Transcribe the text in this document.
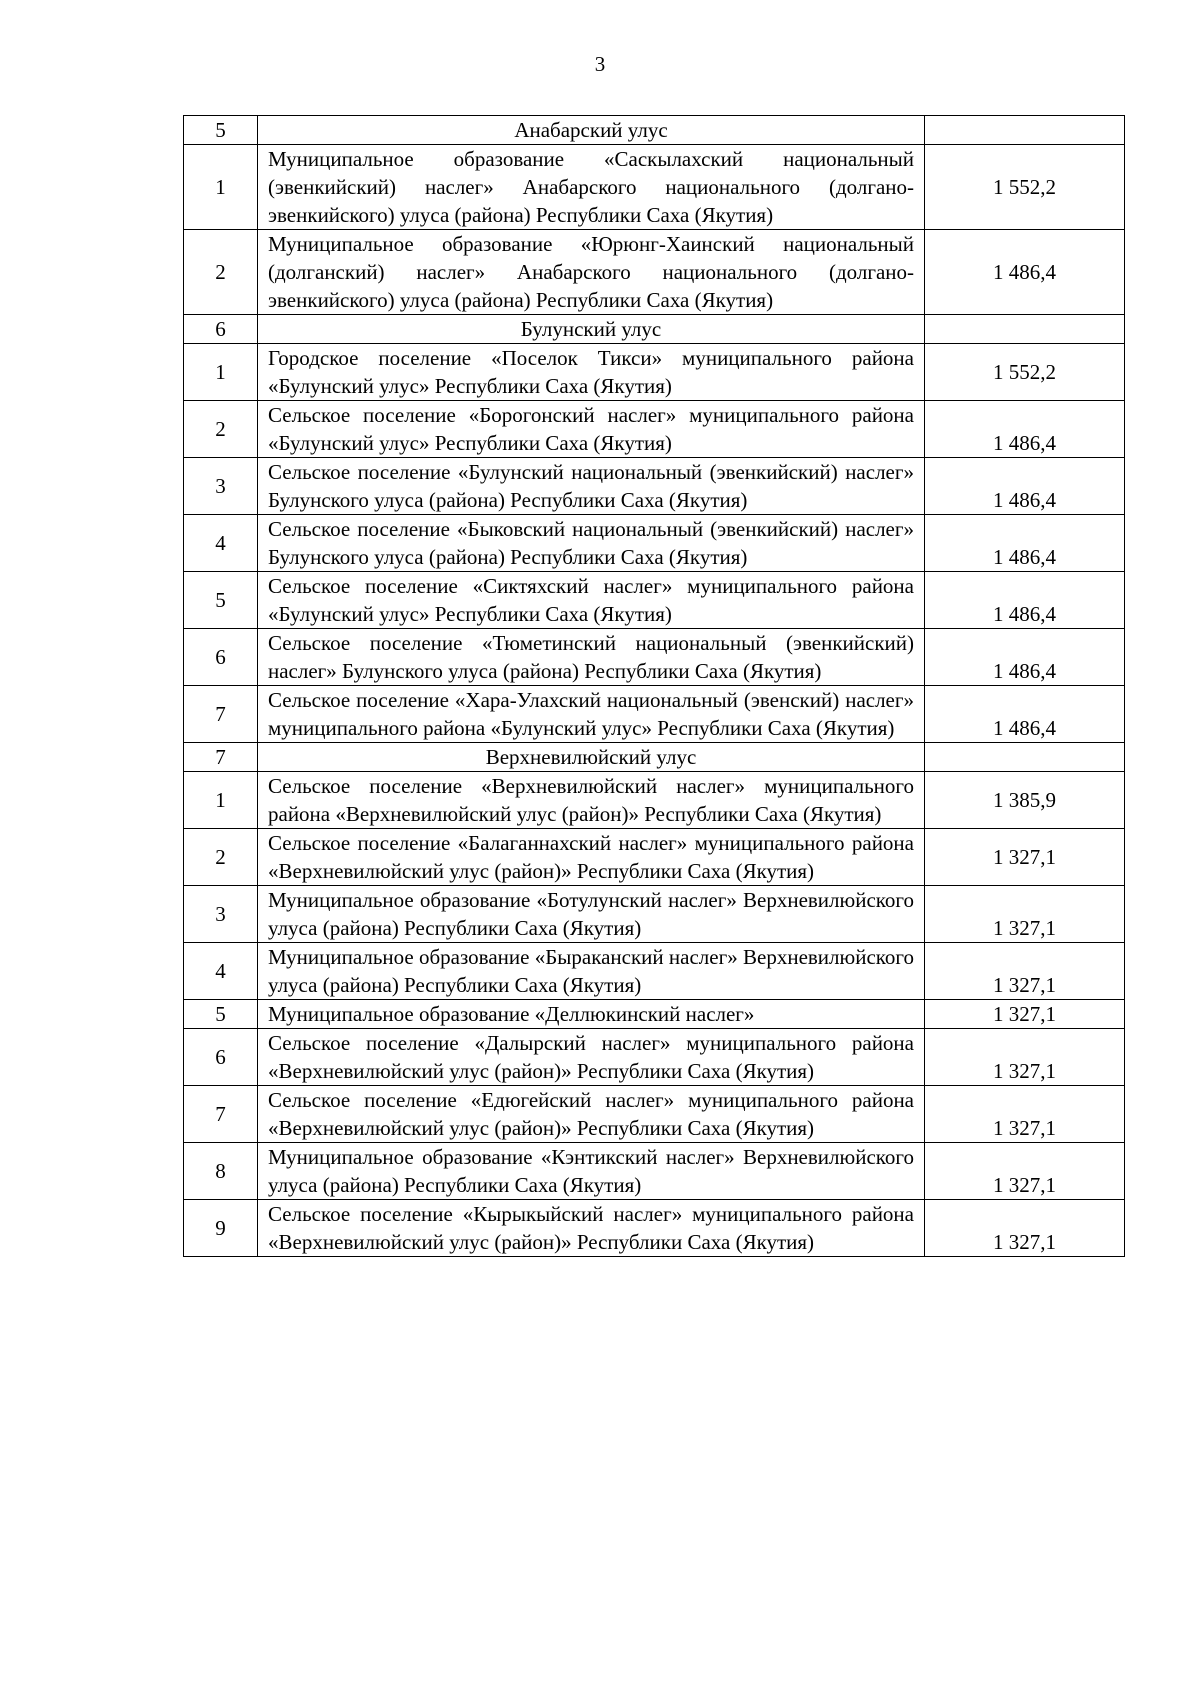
3
5	Анабарский улус	
1	Муниципальное образование «Саскылахский национальный (эвенкийский) наслег» Анабарского национального (долгано-эвенкийского) улуса (района) Республики Саха (Якутия)	1 552,2
2	Муниципальное образование «Юрюнг-Хаинский национальный (долганский) наслег» Анабарского национального (долгано-эвенкийского) улуса (района) Республики Саха (Якутия)	1 486,4
6	Булунский улус	
1	Городское поселение «Поселок Тикси» муниципального района «Булунский улус» Республики Саха (Якутия)	1 552,2
2	Сельское поселение «Борогонский наслег» муниципального района «Булунский улус» Республики Саха (Якутия)	1 486,4
3	Сельское поселение «Булунский национальный (эвенкийский) наслег» Булунского улуса (района) Республики Саха (Якутия)	1 486,4
4	Сельское поселение «Быковский национальный (эвенкийский) наслег» Булунского улуса (района) Республики Саха (Якутия)	1 486,4
5	Сельское поселение «Сиктяхский наслег» муниципального района «Булунский улус» Республики Саха (Якутия)	1 486,4
6	Сельское поселение «Тюметинский национальный (эвенкийский) наслег» Булунского улуса (района) Республики Саха (Якутия)	1 486,4
7	Сельское поселение «Хара-Улахский национальный (эвенский) наслег» муниципального района «Булунский улус» Республики Саха (Якутия)	1 486,4
7	Верхневилюйский улус	
1	Сельское поселение «Верхневилюйский наслег» муниципального района «Верхневилюйский улус (район)» Республики Саха (Якутия)	1 385,9
2	Сельское поселение «Балаганнахский наслег» муниципального района «Верхневилюйский улус (район)» Республики Саха (Якутия)	1 327,1
3	Муниципальное образование «Ботулунский наслег» Верхневилюйского улуса (района) Республики Саха (Якутия)	1 327,1
4	Муниципальное образование «Быраканский наслег» Верхневилюйского улуса (района) Республики Саха (Якутия)	1 327,1
5	Муниципальное образование «Деллюкинский наслег»	1 327,1
6	Сельское поселение «Далырский наслег» муниципального района «Верхневилюйский улус (район)» Республики Саха (Якутия)	1 327,1
7	Сельское поселение «Едюгейский наслег» муниципального района «Верхневилюйский улус (район)» Республики Саха (Якутия)	1 327,1
8	Муниципальное образование «Кэнтикский наслег» Верхневилюйского улуса (района) Республики Саха (Якутия)	1 327,1
9	Сельское поселение «Кырыкыйский наслег» муниципального района «Верхневилюйский улус (район)» Республики Саха (Якутия)	1 327,1
